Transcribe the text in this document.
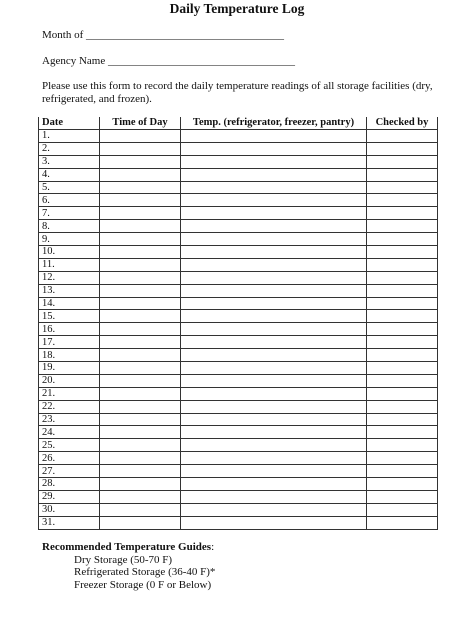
Daily Temperature Log
Month of ____________________________________
Agency Name __________________________________
Please use this form to record the daily temperature readings of all storage facilities (dry, refrigerated, and frozen).
Date	Time of Day	Temp. (refrigerator, freezer, pantry)	Checked by
1.			
2.			
3.			
4.			
5.			
6.			
7.			
8.			
9.			
10.			
11.			
12.			
13.			
14.			
15.			
16.			
17.			
18.			
19.			
20.			
21.			
22.			
23.			
24.			
25.			
26.			
27.			
28.			
29.			
30.			
31.			
Recommended Temperature Guides:
Dry Storage (50-70 F)
Refrigerated Storage (36-40 F)*
Freezer Storage (0 F or Below)
